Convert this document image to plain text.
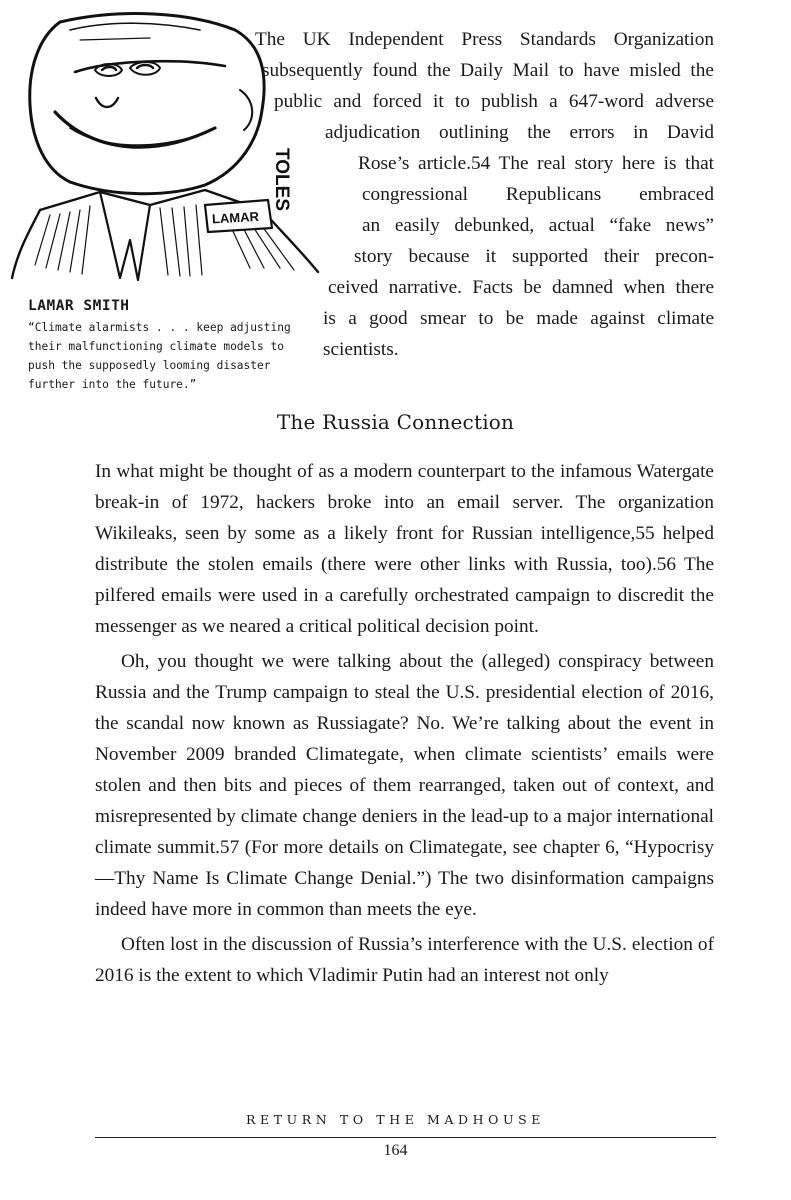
LAMAR
TOLES

LAMAR SMITH

“Climate alarmists . . . keep adjusting their malfunctioning climate models to push the supposedly looming disaster further into the future.”

The UK Independent Press Standards Organization
subsequently found the Daily Mail to have misled the
public and forced it to publish a 647-word adverse
adjudication outlining the errors in David
Rose’s article.54 The real story here is that
congressional Republicans embraced
an easily debunked, actual “fake news”
story because it supported their precon-
ceived narrative. Facts be damned when there
is a good smear to be made against climate
scientists.
The Russia Connection

In what might be thought of as a modern counterpart to the infamous Watergate break-in of 1972, hackers broke into an email server. The organization Wikileaks, seen by some as a likely front for Russian intelligence,55 helped distribute the stolen emails (there were other links with Russia, too).56 The pilfered emails were used in a carefully orchestrated campaign to discredit the messenger as we neared a critical political decision point.

Oh, you thought we were talking about the (alleged) conspiracy between Russia and the Trump campaign to steal the U.S. presidential election of 2016, the scandal now known as Russiagate? No. We’re talking about the event in November 2009 branded Climategate, when climate scientists’ emails were stolen and then bits and pieces of them rearranged, taken out of context, and misrepresented by climate change deniers in the lead-up to a major international climate summit.57 (For more details on Climategate, see chapter 6, “Hypocrisy—Thy Name Is Climate Change Denial.”) The two disinformation campaigns indeed have more in common than meets the eye.

Often lost in the discussion of Russia’s interference with the U.S. election of 2016 is the extent to which Vladimir Putin had an interest not only

RETURN TO THE MADHOUSE
164
